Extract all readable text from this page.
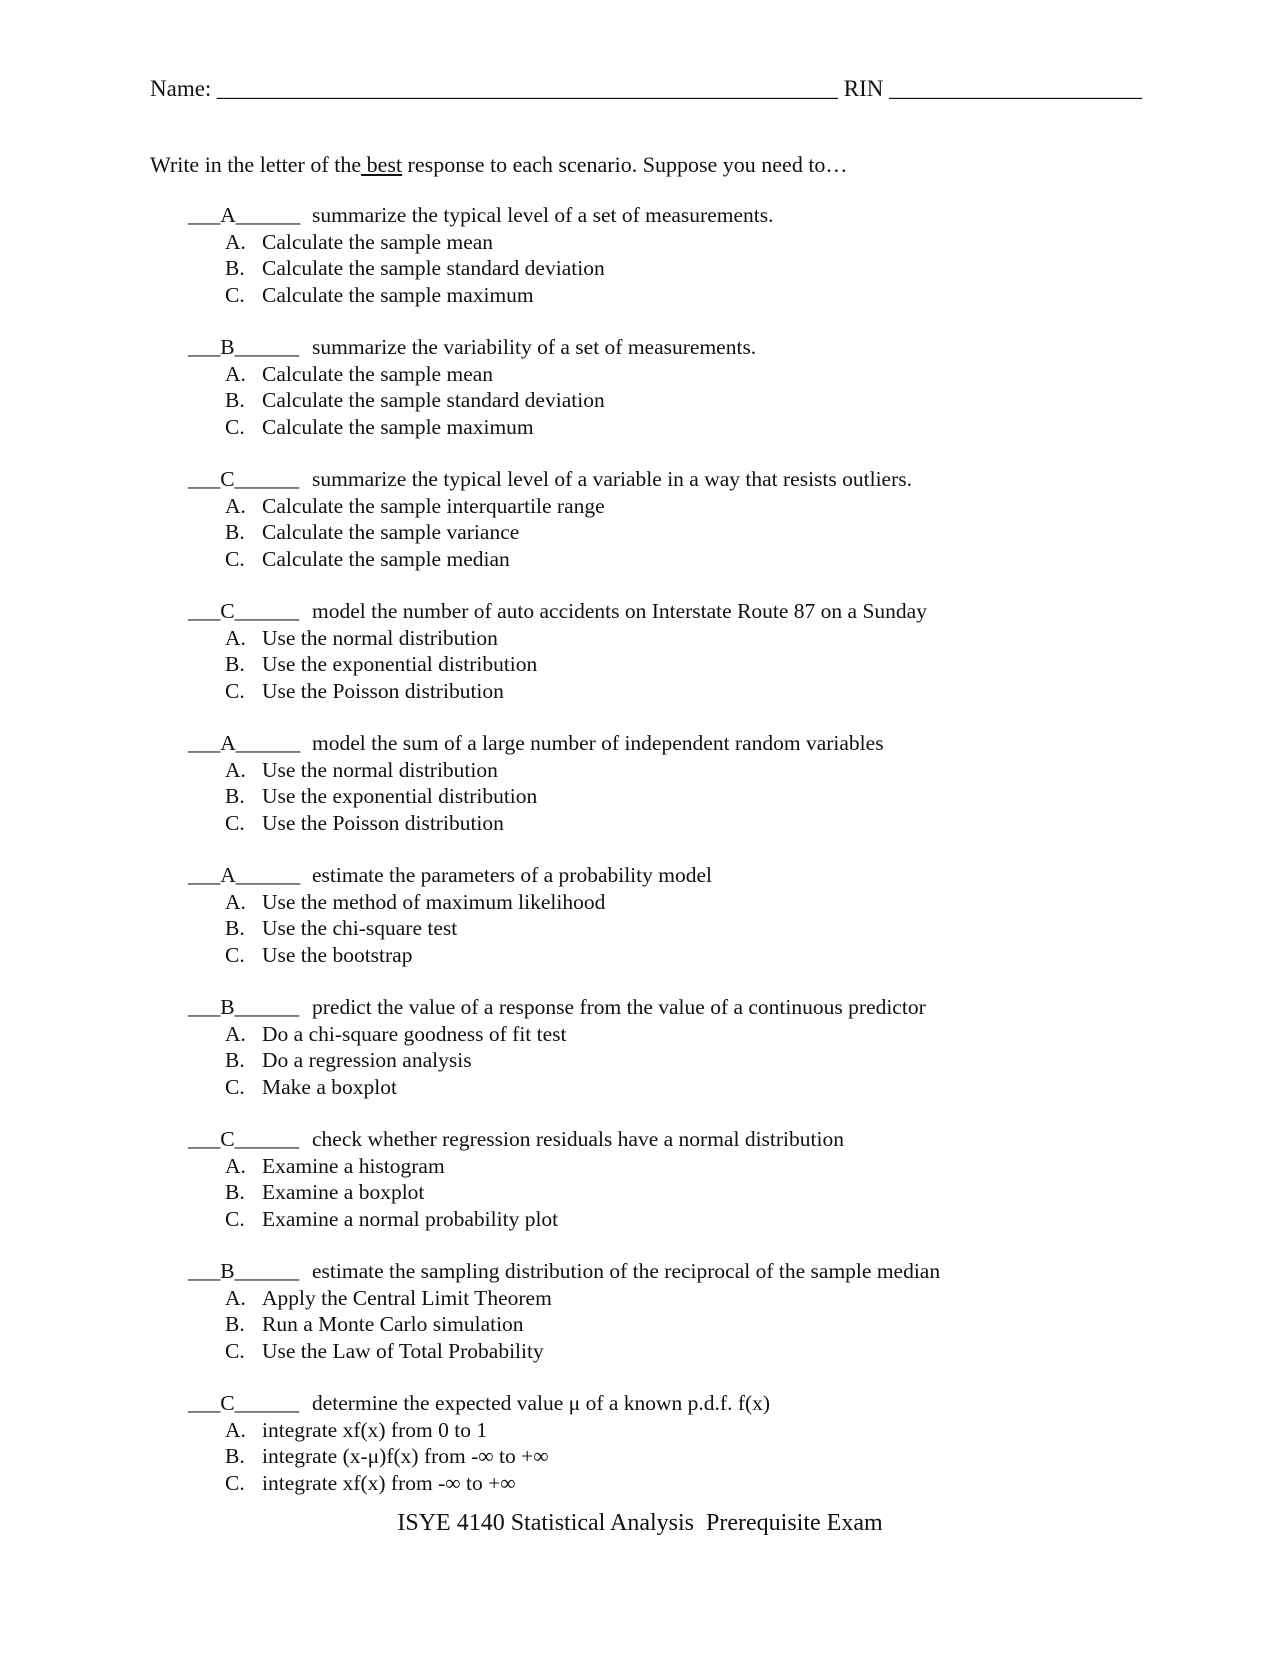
Name: ______________________________________________________ RIN ______________________
Write in the letter of the best response to each scenario. Suppose you need to…
___A______ summarize the typical level of a set of measurements.
A. Calculate the sample mean
B. Calculate the sample standard deviation
C. Calculate the sample maximum
___B______ summarize the variability of a set of measurements.
A. Calculate the sample mean
B. Calculate the sample standard deviation
C. Calculate the sample maximum
___C______ summarize the typical level of a variable in a way that resists outliers.
A. Calculate the sample interquartile range
B. Calculate the sample variance
C. Calculate the sample median
___C______ model the number of auto accidents on Interstate Route 87 on a Sunday
A. Use the normal distribution
B. Use the exponential distribution
C. Use the Poisson distribution
___A______ model the sum of a large number of independent random variables
A. Use the normal distribution
B. Use the exponential distribution
C. Use the Poisson distribution
___A______ estimate the parameters of a probability model
A. Use the method of maximum likelihood
B. Use the chi-square test
C. Use the bootstrap
___B______ predict the value of a response from the value of a continuous predictor
A. Do a chi-square goodness of fit test
B. Do a regression analysis
C. Make a boxplot
___C______ check whether regression residuals have a normal distribution
A. Examine a histogram
B. Examine a boxplot
C. Examine a normal probability plot
___B______ estimate the sampling distribution of the reciprocal of the sample median
A. Apply the Central Limit Theorem
B. Run a Monte Carlo simulation
C. Use the Law of Total Probability
___C______ determine the expected value μ of a known p.d.f. f(x)
A. integrate xf(x) from 0 to 1
B. integrate (x-μ)f(x) from -∞ to +∞
C. integrate xf(x) from -∞ to +∞
ISYE 4140 Statistical Analysis  Prerequisite Exam
